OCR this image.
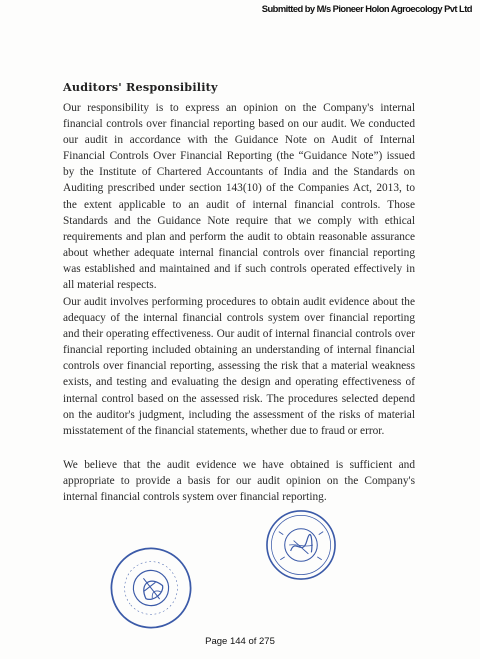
Submitted by M/s Pioneer Holon Agroecology Pvt Ltd
Auditors' Responsibility

Our responsibility is to express an opinion on the Company's internal financial controls over financial reporting based on our audit. We conducted our audit in accordance with the Guidance Note on Audit of Internal Financial Controls Over Financial Reporting (the “Guidance Note”) issued by the Institute of Chartered Accountants of India and the Standards on Auditing prescribed under section 143(10) of the Companies Act, 2013, to the extent applicable to an audit of internal financial controls. Those Standards and the Guidance Note require that we comply with ethical requirements and plan and perform the audit to obtain reasonable assurance about whether adequate internal financial controls over financial reporting was established and maintained and if such controls operated effectively in all material respects.

Our audit involves performing procedures to obtain audit evidence about the adequacy of the internal financial controls system over financial reporting and their operating effectiveness. Our audit of internal financial controls over financial reporting included obtaining an understanding of internal financial controls over financial reporting, assessing the risk that a material weakness exists, and testing and evaluating the design and operating effectiveness of internal control based on the assessed risk. The procedures selected depend on the auditor's judgment, including the assessment of the risks of material misstatement of the financial statements, whether due to fraud or error.

We believe that the audit evidence we have obtained is sufficient and appropriate to provide a basis for our audit opinion on the Company's internal financial controls system over financial reporting.

Page 144 of 275
